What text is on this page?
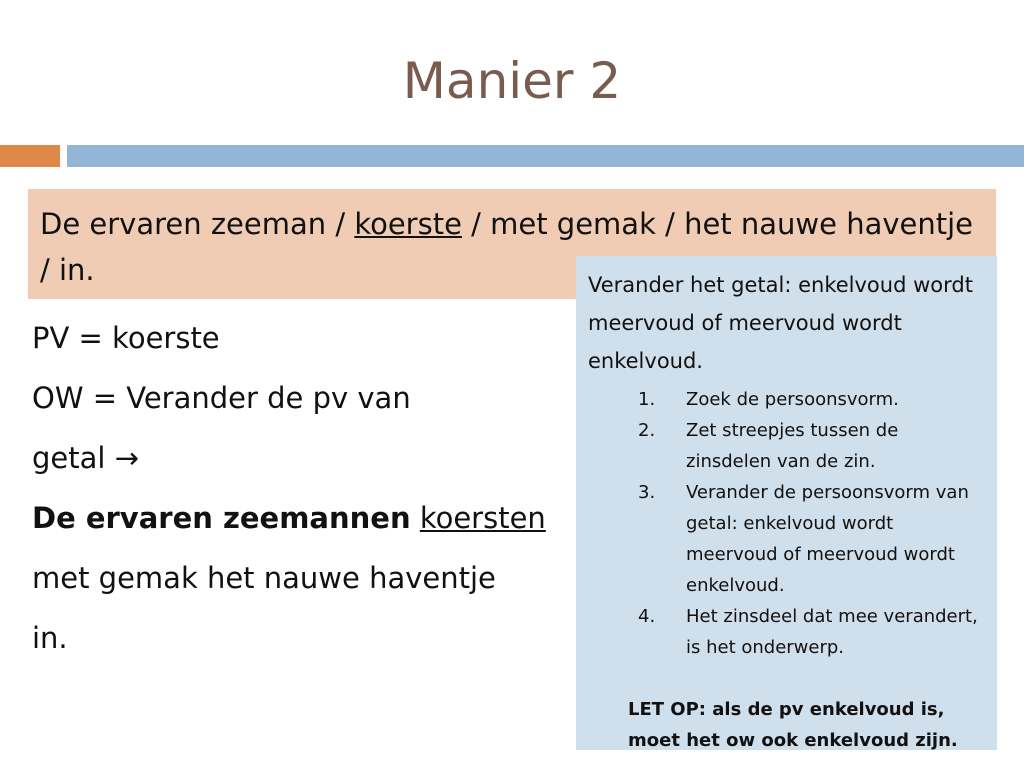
Manier 2
De ervaren zeeman / koerste / met gemak / het nauwe haventje / in.
PV = koerste
OW = Verander de pv van
getal →
De ervaren zeemannen koersten
met gemak het nauwe haventje
in.
Verander het getal: enkelvoud wordt meervoud of meervoud wordt enkelvoud.
1.	Zoek de persoonsvorm.
2.	Zet streepjes tussen de zinsdelen van de zin.
3.	Verander de persoonsvorm van getal: enkelvoud wordt meervoud of meervoud wordt enkelvoud.
4.	Het zinsdeel dat mee verandert, is het onderwerp.
LET OP: als de pv enkelvoud is, moet het ow ook enkelvoud zijn.
